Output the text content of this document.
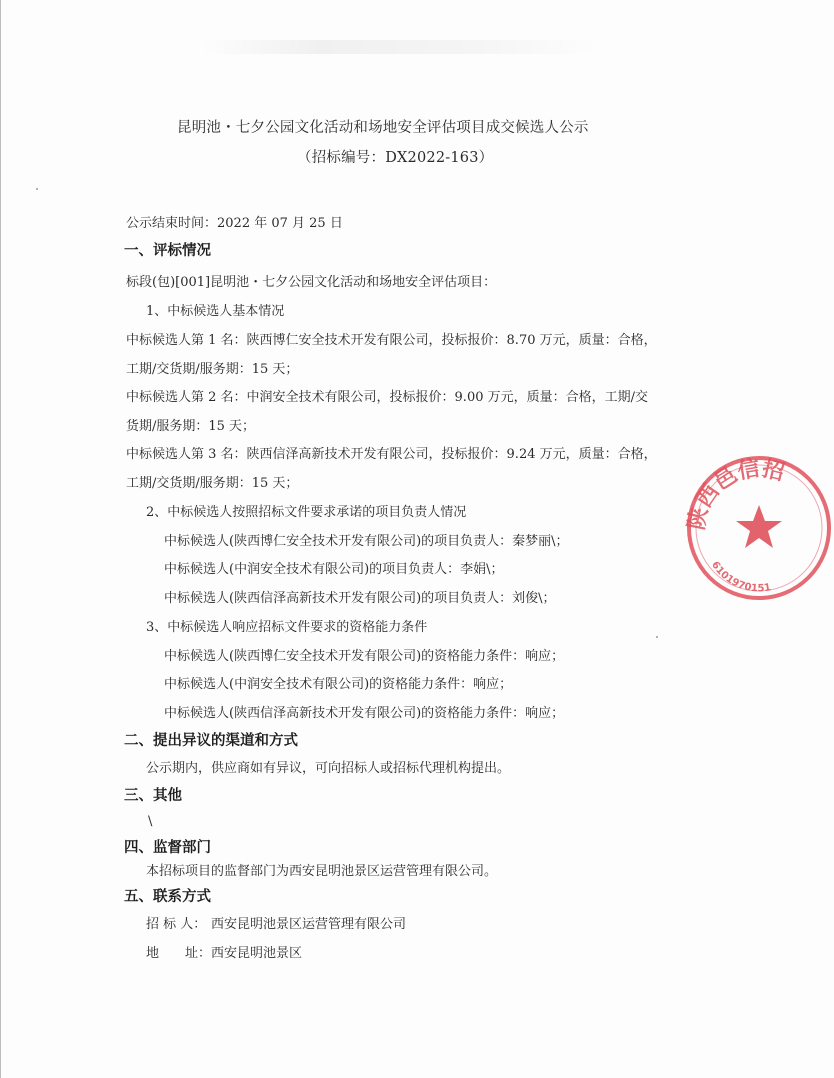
昆明池・七夕公园文化活动和场地安全评估项目成交候选人公示
（招标编号：DX2022-163）
公示结束时间：2022 年 07 月 25 日
一、评标情况
标段(包)[001]昆明池・七夕公园文化活动和场地安全评估项目：
1、中标候选人基本情况
中标候选人第 1 名：陕西博仁安全技术开发有限公司，投标报价：8.70 万元，质量：合格，
工期/交货期/服务期：15 天；
中标候选人第 2 名：中润安全技术有限公司，投标报价：9.00 万元，质量：合格，工期/交
货期/服务期：15 天；
中标候选人第 3 名：陕西信泽高新技术开发有限公司，投标报价：9.24 万元，质量：合格，
工期/交货期/服务期：15 天；
2、中标候选人按照招标文件要求承诺的项目负责人情况
中标候选人(陕西博仁安全技术开发有限公司)的项目负责人：秦梦丽\；
中标候选人(中润安全技术有限公司)的项目负责人：李娟\；
中标候选人(陕西信泽高新技术开发有限公司)的项目负责人：刘俊\；
3、中标候选人响应招标文件要求的资格能力条件
中标候选人(陕西博仁安全技术开发有限公司)的资格能力条件：响应；
中标候选人(中润安全技术有限公司)的资格能力条件：响应；
中标候选人(陕西信泽高新技术开发有限公司)的资格能力条件：响应；
二、提出异议的渠道和方式
公示期内，供应商如有异议，可向招标人或招标代理机构提出。
三、其他
\
四、监督部门
本招标项目的监督部门为西安昆明池景区运营管理有限公司。
五、联系方式
招 标 人： 西安昆明池景区运营管理有限公司
地　　址： 西安昆明池景区
陕西邑信招
6101970151
